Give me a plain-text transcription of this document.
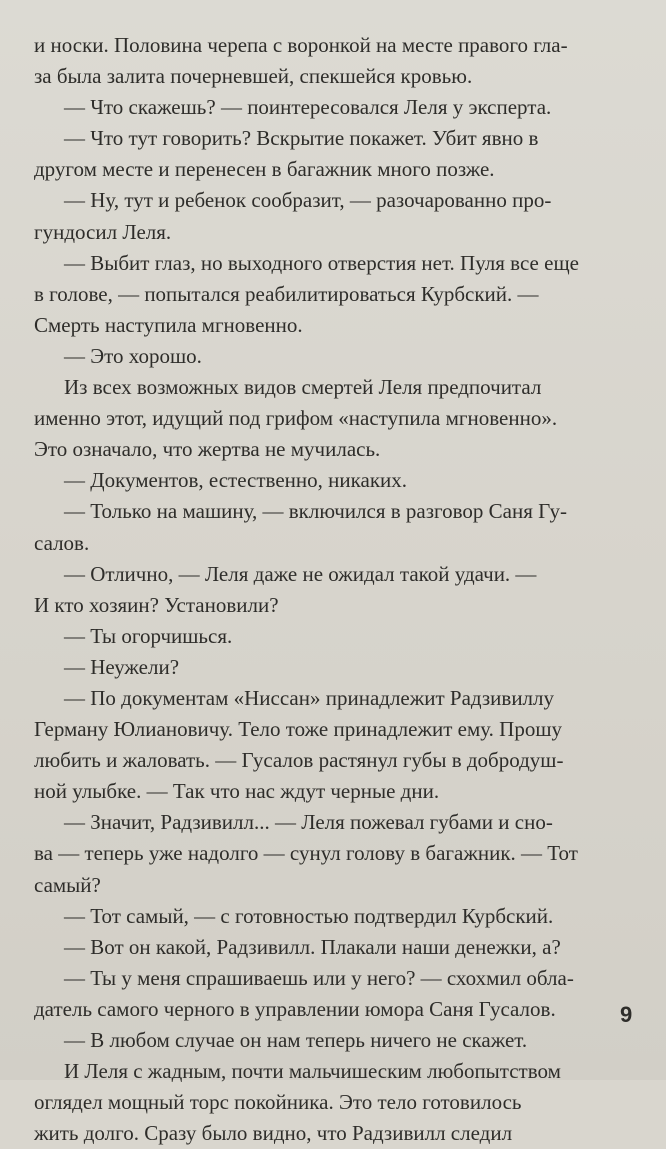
и носки. Половина черепа с воронкой на месте правого гла-
за была залита почерневшей, спекшейся кровью.
— Что скажешь? — поинтересовался Леля у эксперта.
— Что тут говорить? Вскрытие покажет. Убит явно в
другом месте и перенесен в багажник много позже.
— Ну, тут и ребенок сообразит, — разочарованно про-
гундосил Леля.
— Выбит глаз, но выходного отверстия нет. Пуля все еще
в голове, — попытался реабилитироваться Курбский. —
Смерть наступила мгновенно.
— Это хорошо.
Из всех возможных видов смертей Леля предпочитал
именно этот, идущий под грифом «наступила мгновенно».
Это означало, что жертва не мучилась.
— Документов, естественно, никаких.
— Только на машину, — включился в разговор Саня Гу-
салов.
— Отлично, — Леля даже не ожидал такой удачи. —
И кто хозяин? Установили?
— Ты огорчишься.
— Неужели?
— По документам «Ниссан» принадлежит Радзивиллу
Герману Юлиановичу. Тело тоже принадлежит ему. Прошу
любить и жаловать. — Гусалов растянул губы в добродуш-
ной улыбке. — Так что нас ждут черные дни.
— Значит, Радзивилл... — Леля пожевал губами и сно-
ва — теперь уже надолго — сунул голову в багажник. — Тот
самый?
— Тот самый, — с готовностью подтвердил Курбский.
— Вот он какой, Радзивилл. Плакали наши денежки, а?
— Ты у меня спрашиваешь или у него? — схохмил обла-
датель самого черного в управлении юмора Саня Гусалов.
— В любом случае он нам теперь ничего не скажет.
И Леля с жадным, почти мальчишеским любопытством
оглядел мощный торс покойника. Это тело готовилось
жить долго. Сразу было видно, что Радзивилл следил
9
